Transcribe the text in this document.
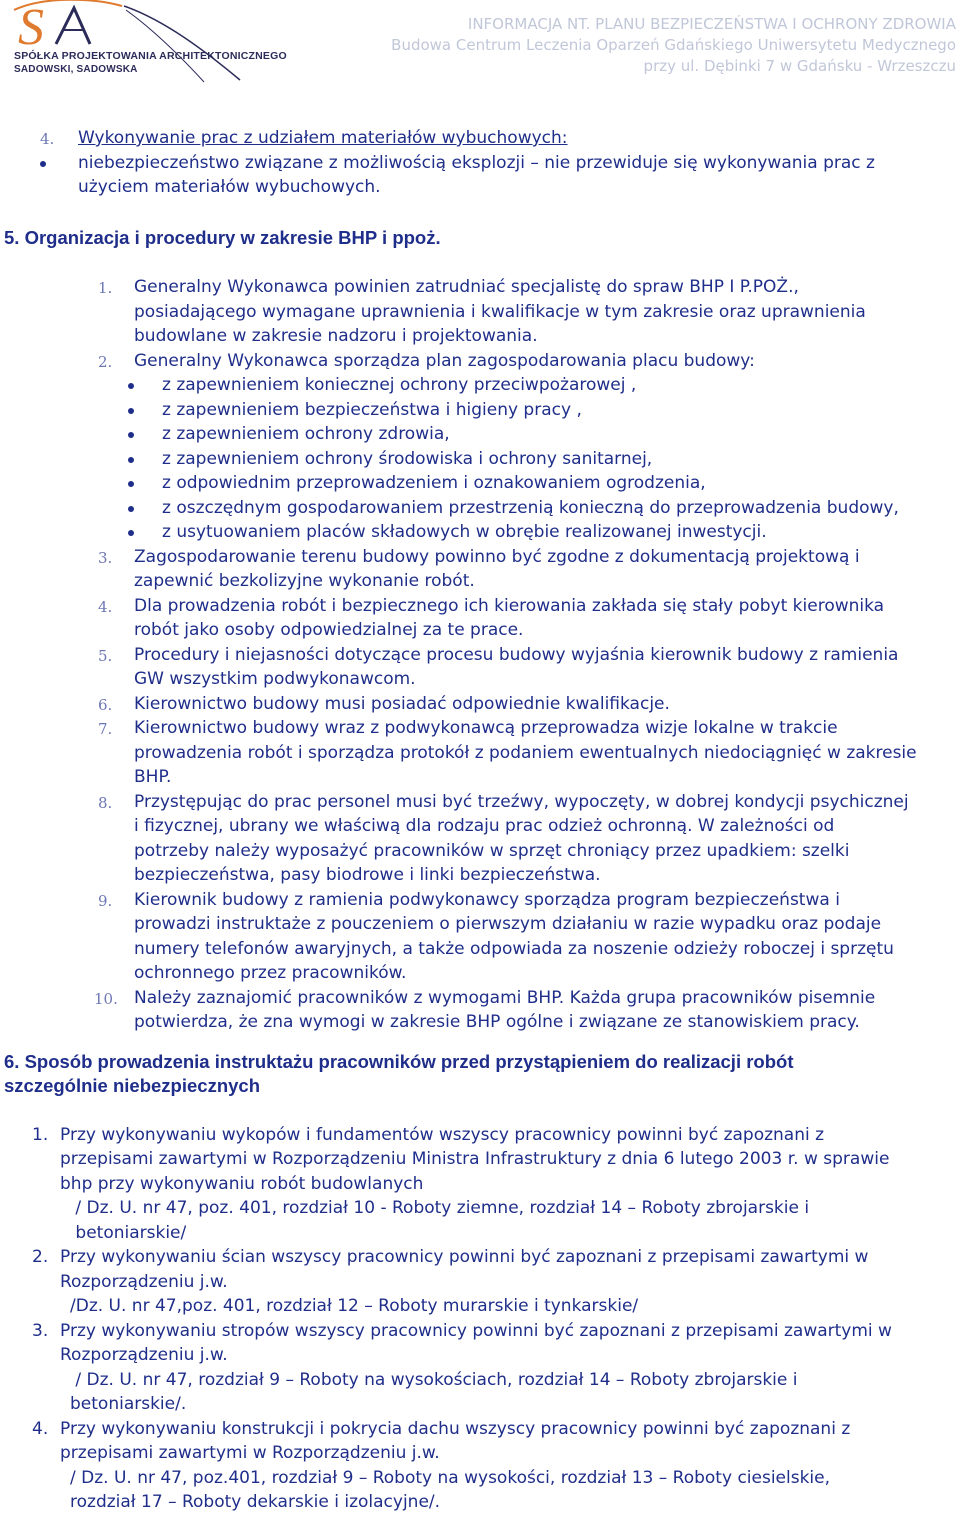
S
SPÓŁKA PROJEKTOWANIA ARCHITEKTONICZNEGO
SADOWSKI, SADOWSKA
INFORMACJA NT. PLANU BEZPIECZEŃSTWA I OCHRONY ZDROWIA
Budowa Centrum Leczenia Oparzeń Gdańskiego Uniwersytetu Medycznego
przy ul. Dębinki 7 w Gdańsku - Wrzeszczu
4. Wykonywanie prac z udziałem materiałów wybuchowych:
niebezpieczeństwo związane z możliwością eksplozji – nie przewiduje się wykonywania prac z
użyciem materiałów wybuchowych.
5. Organizacja i procedury w zakresie BHP i ppoż.
1. Generalny Wykonawca powinien zatrudniać specjalistę do spraw BHP I P.POŻ.,
posiadającego wymagane uprawnienia i kwalifikacje w tym zakresie oraz uprawnienia
budowlane w zakresie nadzoru i projektowania.
2. Generalny Wykonawca sporządza plan zagospodarowania placu budowy:
z zapewnieniem koniecznej ochrony przeciwpożarowej ,
z zapewnieniem bezpieczeństwa i higieny pracy ,
z zapewnieniem ochrony zdrowia,
z zapewnieniem ochrony środowiska i ochrony sanitarnej,
z odpowiednim przeprowadzeniem i oznakowaniem ogrodzenia,
z oszczędnym gospodarowaniem przestrzenią konieczną do przeprowadzenia budowy,
z usytuowaniem placów składowych w obrębie realizowanej inwestycji.
3. Zagospodarowanie terenu budowy powinno być zgodne z dokumentacją projektową i
zapewnić bezkolizyjne wykonanie robót.
4. Dla prowadzenia robót i bezpiecznego ich kierowania zakłada się stały pobyt kierownika
robót jako osoby odpowiedzialnej za te prace.
5. Procedury i niejasności dotyczące procesu budowy wyjaśnia kierownik budowy z ramienia
GW wszystkim podwykonawcom.
6. Kierownictwo budowy musi posiadać odpowiednie kwalifikacje.
7. Kierownictwo budowy wraz z podwykonawcą przeprowadza wizje lokalne w trakcie
prowadzenia robót i sporządza protokół z podaniem ewentualnych niedociągnięć w zakresie
BHP.
8. Przystępując do prac personel musi być trzeźwy, wypoczęty, w dobrej kondycji psychicznej
i fizycznej, ubrany we właściwą dla rodzaju prac odzież ochronną. W zależności od
potrzeby należy wyposażyć pracowników w sprzęt chroniący przez upadkiem: szelki
bezpieczeństwa, pasy biodrowe i linki bezpieczeństwa.
9. Kierownik budowy z ramienia podwykonawcy sporządza program bezpieczeństwa i
prowadzi instruktaże z pouczeniem o pierwszym działaniu w razie wypadku oraz podaje
numery telefonów awaryjnych, a także odpowiada za noszenie odzieży roboczej i sprzętu
ochronnego przez pracowników.
10. Należy zaznajomić pracowników z wymogami BHP. Każda grupa pracowników pisemnie
potwierdza, że zna wymogi w zakresie BHP ogólne i związane ze stanowiskiem pracy.
6. Sposób prowadzenia instruktażu pracowników przed przystąpieniem do realizacji robót
szczególnie niebezpiecznych
1. Przy wykonywaniu wykopów i fundamentów wszyscy pracownicy powinni być zapoznani z
przepisami zawartymi w Rozporządzeniu Ministra Infrastruktury z dnia 6 lutego 2003 r. w sprawie
bhp przy wykonywaniu robót budowlanych
/ Dz. U. nr 47, poz. 401, rozdział 10 - Roboty ziemne, rozdział 14 – Roboty zbrojarskie i
betoniarskie/
2. Przy wykonywaniu ścian wszyscy pracownicy powinni być zapoznani z przepisami zawartymi w
Rozporządzeniu j.w.
/Dz. U. nr 47,poz. 401, rozdział 12 – Roboty murarskie i tynkarskie/
3. Przy wykonywaniu stropów wszyscy pracownicy powinni być zapoznani z przepisami zawartymi w
Rozporządzeniu j.w.
/ Dz. U. nr 47, rozdział 9 – Roboty na wysokościach, rozdział 14 – Roboty zbrojarskie i
betoniarskie/.
4. Przy wykonywaniu konstrukcji i pokrycia dachu wszyscy pracownicy powinni być zapoznani z
przepisami zawartymi w Rozporządzeniu j.w.
/ Dz. U. nr 47, poz.401, rozdział 9 – Roboty na wysokości, rozdział 13 – Roboty ciesielskie,
rozdział 17 – Roboty dekarskie i izolacyjne/.
